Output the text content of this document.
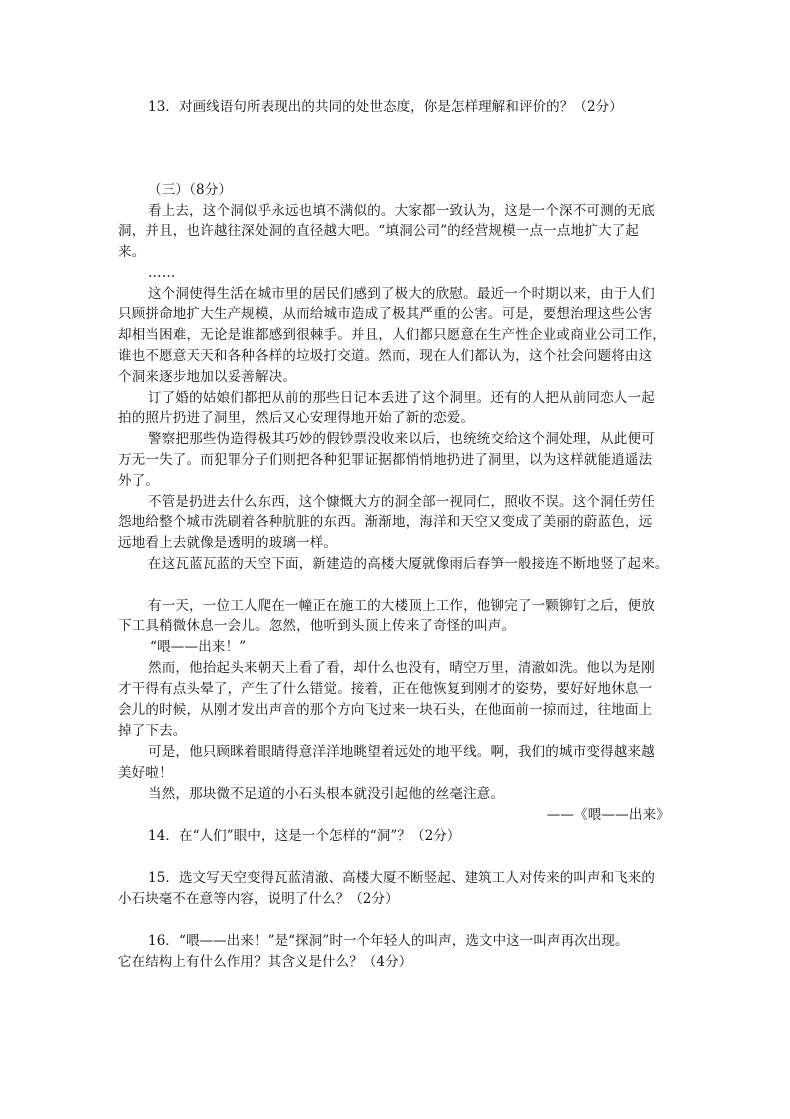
13．对画线语句所表现出的共同的处世态度，你是怎样理解和评价的？（2分）
（三）（8分）
看上去，这个洞似乎永远也填不满似的。大家都一致认为，这是一个深不可测的无底
洞，并且，也许越往深处洞的直径越大吧。“填洞公司”的经营规模一点一点地扩大了起
来。
……
这个洞使得生活在城市里的居民们感到了极大的欣慰。最近一个时期以来，由于人们
只顾拼命地扩大生产规模，从而给城市造成了极其严重的公害。可是，要想治理这些公害
却相当困难，无论是谁都感到很棘手。并且，人们都只愿意在生产性企业或商业公司工作，
谁也不愿意天天和各种各样的垃圾打交道。然而，现在人们都认为，这个社会问题将由这
个洞来逐步地加以妥善解决。
订了婚的姑娘们都把从前的那些日记本丢进了这个洞里。还有的人把从前同恋人一起
拍的照片扔进了洞里，然后又心安理得地开始了新的恋爱。
警察把那些伪造得极其巧妙的假钞票没收来以后，也统统交给这个洞处理，从此便可
万无一失了。而犯罪分子们则把各种犯罪证据都悄悄地扔进了洞里，以为这样就能逍遥法
外了。
不管是扔进去什么东西，这个慷慨大方的洞全部一视同仁，照收不误。这个洞任劳任
怨地给整个城市洗刷着各种肮脏的东西。渐渐地，海洋和天空又变成了美丽的蔚蓝色，远
远地看上去就像是透明的玻璃一样。
在这瓦蓝瓦蓝的天空下面，新建造的高楼大厦就像雨后春笋一般接连不断地竖了起来。
有一天，一位工人爬在一幢正在施工的大楼顶上工作，他铆完了一颗铆钉之后，便放
下工具稍微休息一会儿。忽然，他听到头顶上传来了奇怪的叫声。
“喂——出来！”
然而，他抬起头来朝天上看了看，却什么也没有，晴空万里，清澈如洗。他以为是刚
才干得有点头晕了，产生了什么错觉。接着，正在他恢复到刚才的姿势，要好好地休息一
会儿的时候，从刚才发出声音的那个方向飞过来一块石头，在他面前一掠而过，往地面上
掉了下去。
可是，他只顾眯着眼睛得意洋洋地眺望着远处的地平线。啊，我们的城市变得越来越
美好啦！
当然，那块微不足道的小石头根本就没引起他的丝毫注意。
——《喂——出来》
14．在“人们”眼中，这是一个怎样的“洞”？（2分）
15．选文写天空变得瓦蓝清澈、高楼大厦不断竖起、建筑工人对传来的叫声和飞来的
小石块毫不在意等内容，说明了什么？（2分）
16．“喂——出来！”是“探洞”时一个年轻人的叫声，选文中这一叫声再次出现。
它在结构上有什么作用？其含义是什么？（4分）
